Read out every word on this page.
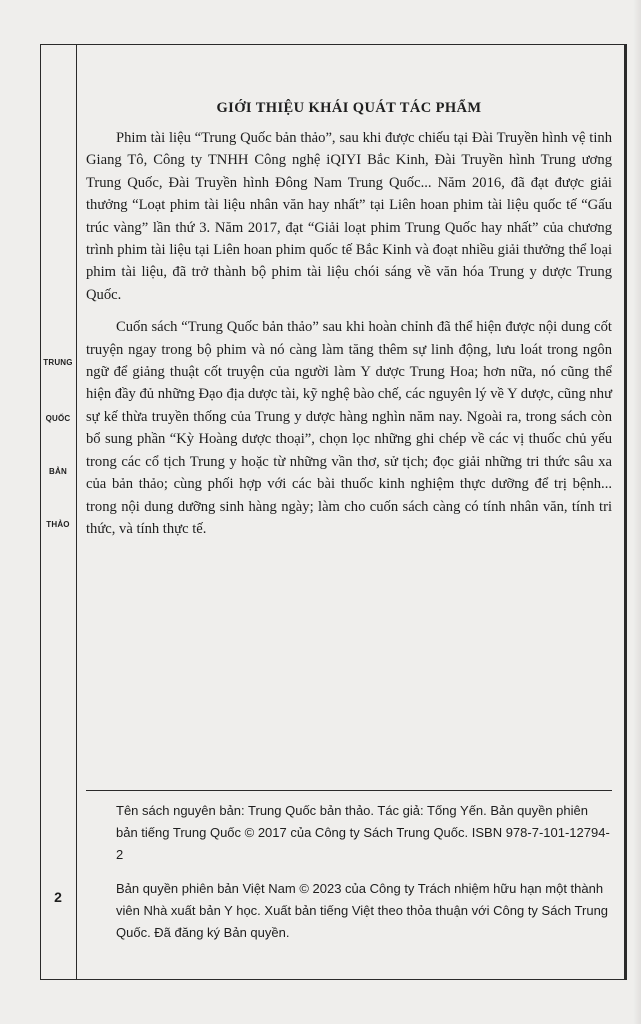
TRUNG
QUỐC
BẢN
THẢO
2
GIỚI THIỆU KHÁI QUÁT TÁC PHẨM

Phim tài liệu “Trung Quốc bản thảo”, sau khi được chiếu tại Đài Truyền hình vệ tinh Giang Tô, Công ty TNHH Công nghệ iQIYI Bắc Kinh, Đài Truyền hình Trung ương Trung Quốc, Đài Truyền hình Đông Nam Trung Quốc... Năm 2016, đã đạt được giải thưởng “Loạt phim tài liệu nhân văn hay nhất” tại Liên hoan phim tài liệu quốc tế “Gấu trúc vàng” lần thứ 3. Năm 2017, đạt “Giải loạt phim Trung Quốc hay nhất” của chương trình phim tài liệu tại Liên hoan phim quốc tế Bắc Kinh và đoạt nhiều giải thưởng thể loại phim tài liệu, đã trở thành bộ phim tài liệu chói sáng về văn hóa Trung y dược Trung Quốc.

Cuốn sách “Trung Quốc bản thảo” sau khi hoàn chỉnh đã thể hiện được nội dung cốt truyện ngay trong bộ phim và nó càng làm tăng thêm sự linh động, lưu loát trong ngôn ngữ để giảng thuật cốt truyện của người làm Y dược Trung Hoa; hơn nữa, nó cũng thể hiện đầy đủ những Đạo địa dược tài, kỹ nghệ bào chế, các nguyên lý về Y dược, cũng như sự kế thừa truyền thống của Trung y dược hàng nghìn năm nay. Ngoài ra, trong sách còn bổ sung phần “Kỳ Hoàng dược thoại”, chọn lọc những ghi chép về các vị thuốc chủ yếu trong các cổ tịch Trung y hoặc từ những vần thơ, sử tịch; đọc giải những tri thức sâu xa của bản thảo; cùng phối hợp với các bài thuốc kinh nghiệm thực dưỡng để trị bệnh... trong nội dung dưỡng sinh hàng ngày; làm cho cuốn sách càng có tính nhân văn, tính tri thức, và tính thực tế.

Tên sách nguyên bản: Trung Quốc bản thảo. Tác giả: Tống Yến. Bản quyền phiên bản tiếng Trung Quốc © 2017 của Công ty Sách Trung Quốc. ISBN 978-7-101-12794-2

Bản quyền phiên bản Việt Nam © 2023 của Công ty Trách nhiệm hữu hạn một thành viên Nhà xuất bản Y học. Xuất bản tiếng Việt theo thỏa thuận với Công ty Sách Trung Quốc. Đã đăng ký Bản quyền.
